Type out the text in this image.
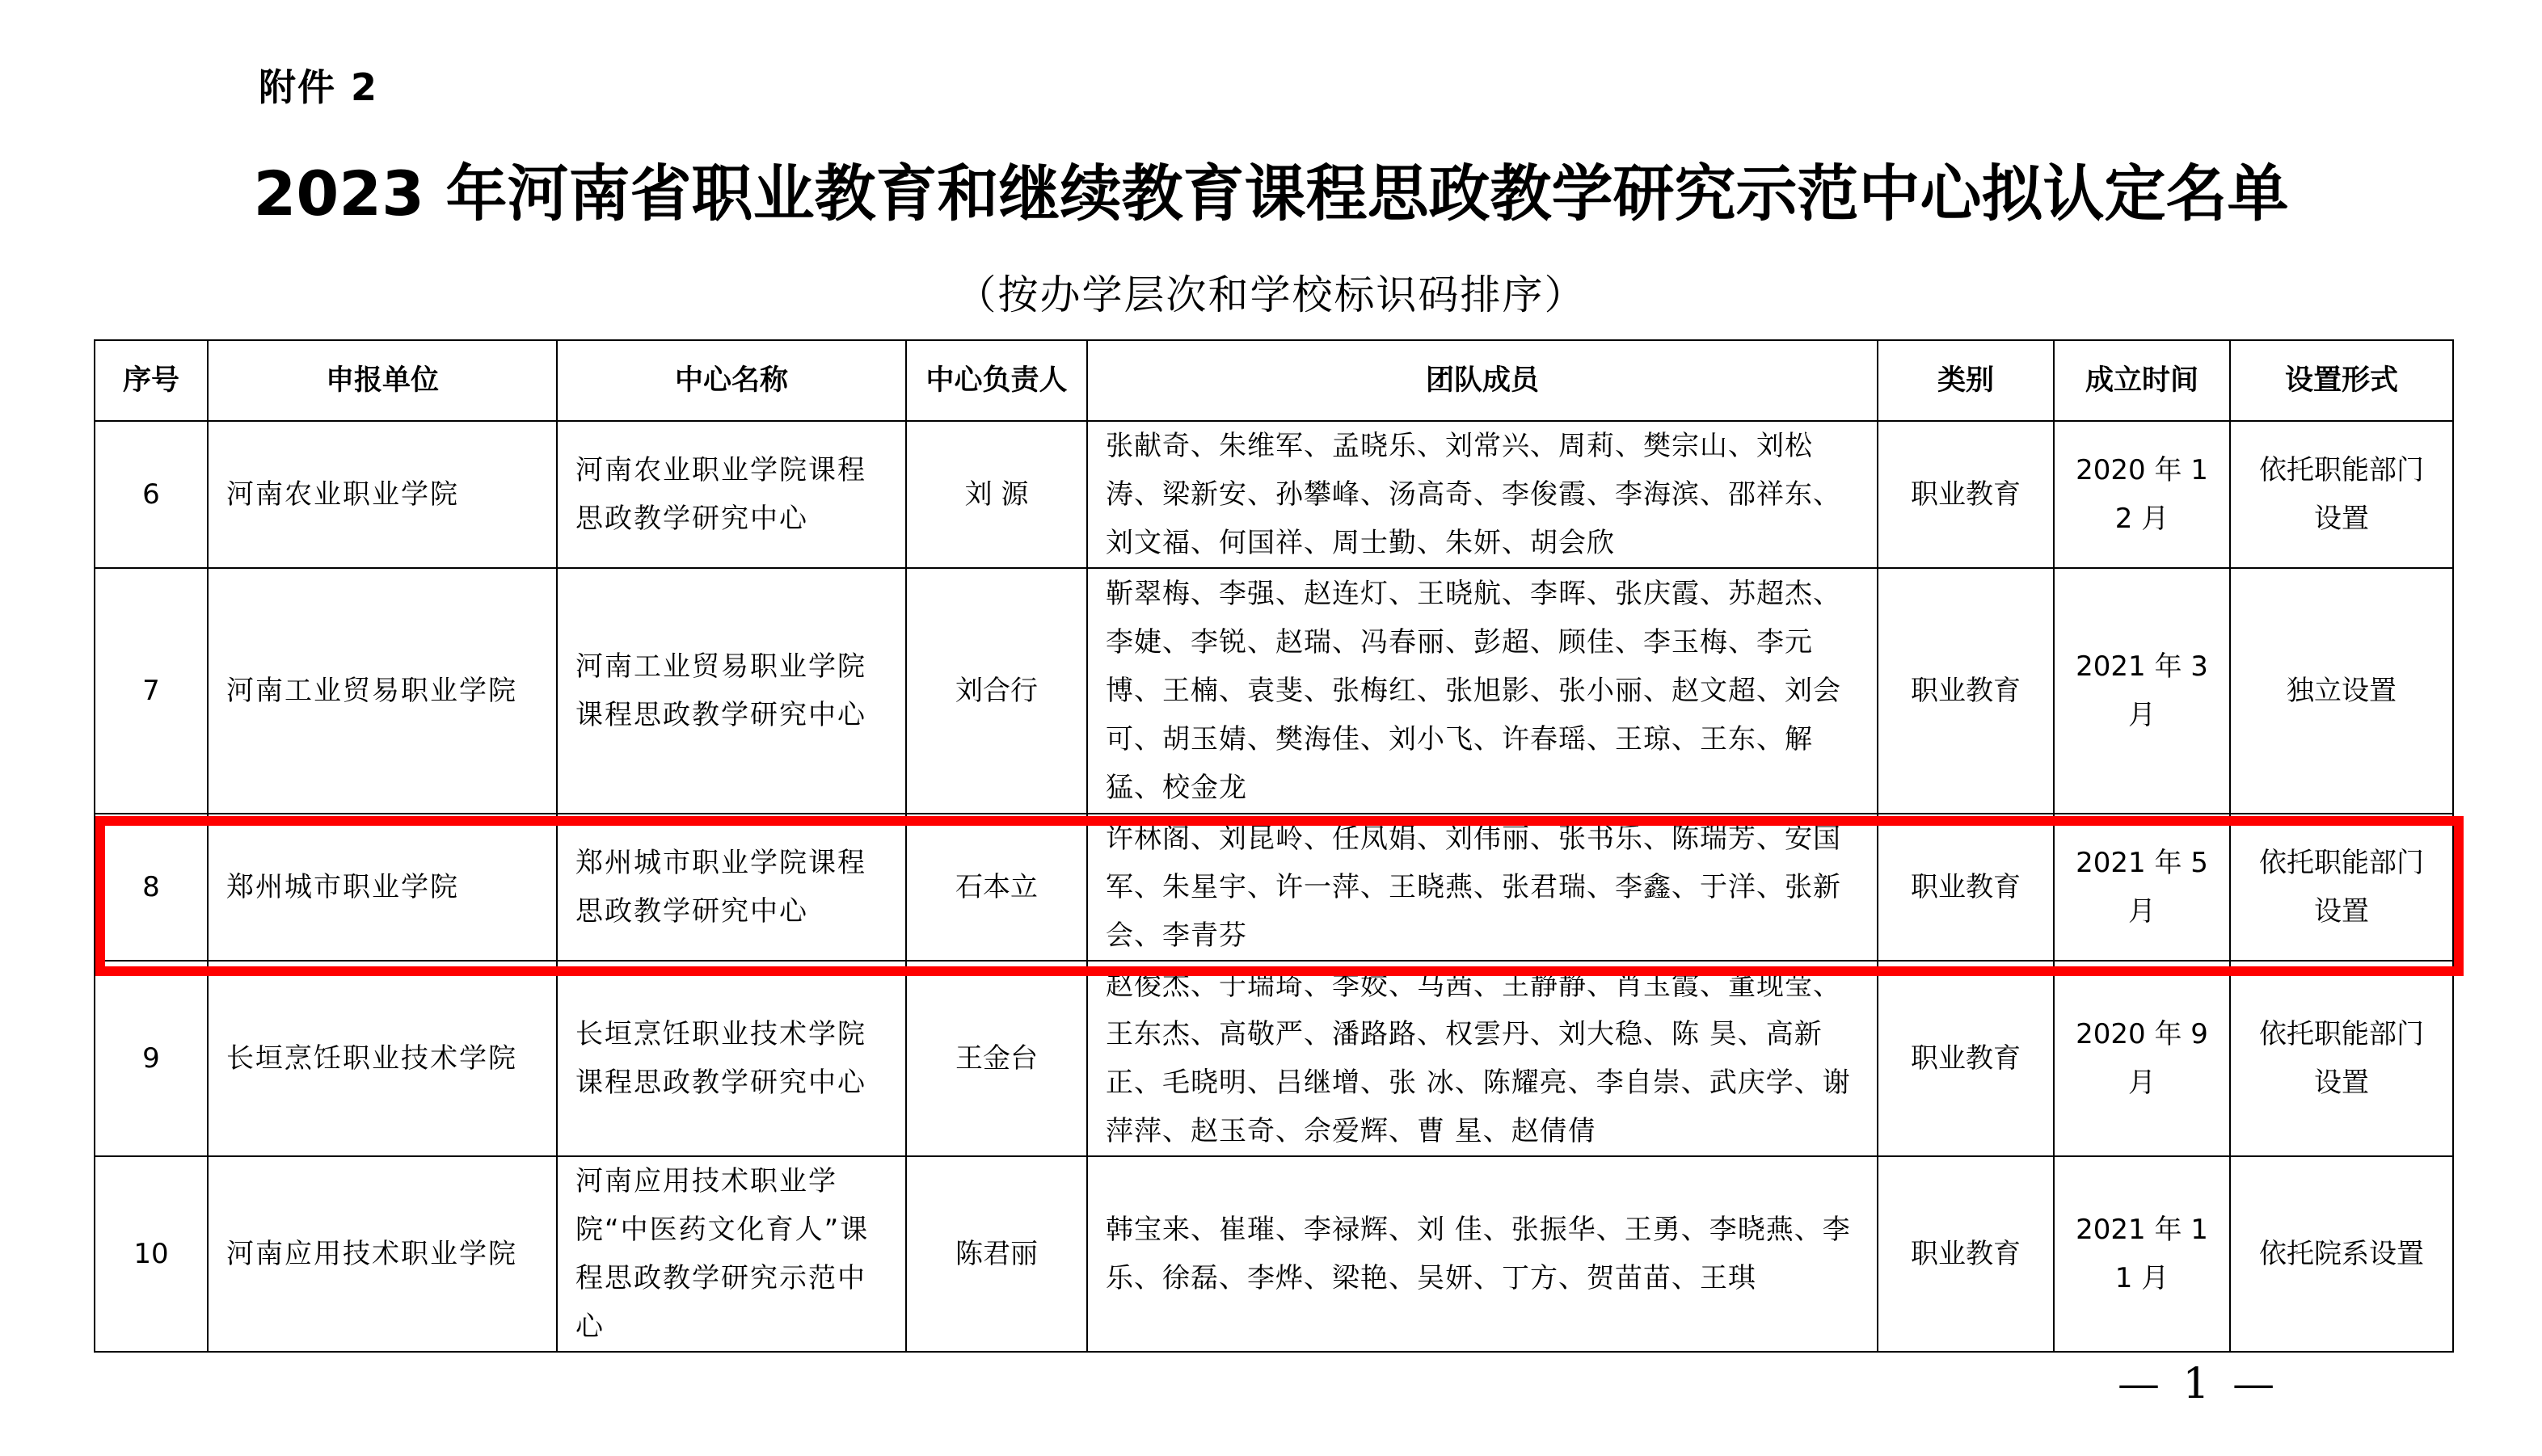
附件 2
2023 年河南省职业教育和继续教育课程思政教学研究示范中心拟认定名单
（按办学层次和学校标识码排序）
序号	申报单位	中心名称	中心负责人	团队成员	类别	成立时间	设置形式
6	河南农业职业学院	河南农业职业学院课程思政教学研究中心	刘 源	张献奇、朱维军、孟晓乐、刘常兴、周莉、樊宗山、刘松涛、梁新安、孙攀峰、汤高奇、李俊霞、李海滨、邵祥东、刘文福、何国祥、周士勤、朱妍、胡会欣	职业教育	2020 年 12 月	依托职能部门设置
7	河南工业贸易职业学院	河南工业贸易职业学院课程思政教学研究中心	刘合行	靳翠梅、李强、赵连灯、王晓航、李晖、张庆霞、苏超杰、李婕、李锐、赵瑞、冯春丽、彭超、顾佳、李玉梅、李元博、王楠、袁斐、张梅红、张旭影、张小丽、赵文超、刘会可、胡玉婧、樊海佳、刘小飞、许春瑶、王琼、王东、解猛、校金龙	职业教育	2021 年 3 月	独立设置
8	郑州城市职业学院	郑州城市职业学院课程思政教学研究中心	石本立	许林阁、刘昆岭、任凤娟、刘伟丽、张书乐、陈瑞芳、安国军、朱星宇、许一萍、王晓燕、张君瑞、李鑫、于洋、张新会、李青芬	职业教育	2021 年 5 月	依托职能部门设置
9	长垣烹饪职业技术学院	长垣烹饪职业技术学院课程思政教学研究中心	王金台	赵俊杰、于瑞琦、李姣、马茜、王静静、肖玉霞、董现莹、王东杰、高敬严、潘路路、权雲丹、刘大稳、陈 昊、高新正、毛晓明、吕继增、张 冰、陈耀亮、李自崇、武庆学、谢萍萍、赵玉奇、佘爱辉、曹 星、赵倩倩	职业教育	2020 年 9 月	依托职能部门设置
10	河南应用技术职业学院	河南应用技术职业学院“中医药文化育人”课程思政教学研究示范中心	陈君丽	韩宝来、崔璀、李禄辉、刘 佳、张振华、王勇、李晓燕、李乐、徐磊、李烨、梁艳、吴妍、丁方、贺苗苗、王琪	职业教育	2021 年 11 月	依托院系设置
— 1 —
